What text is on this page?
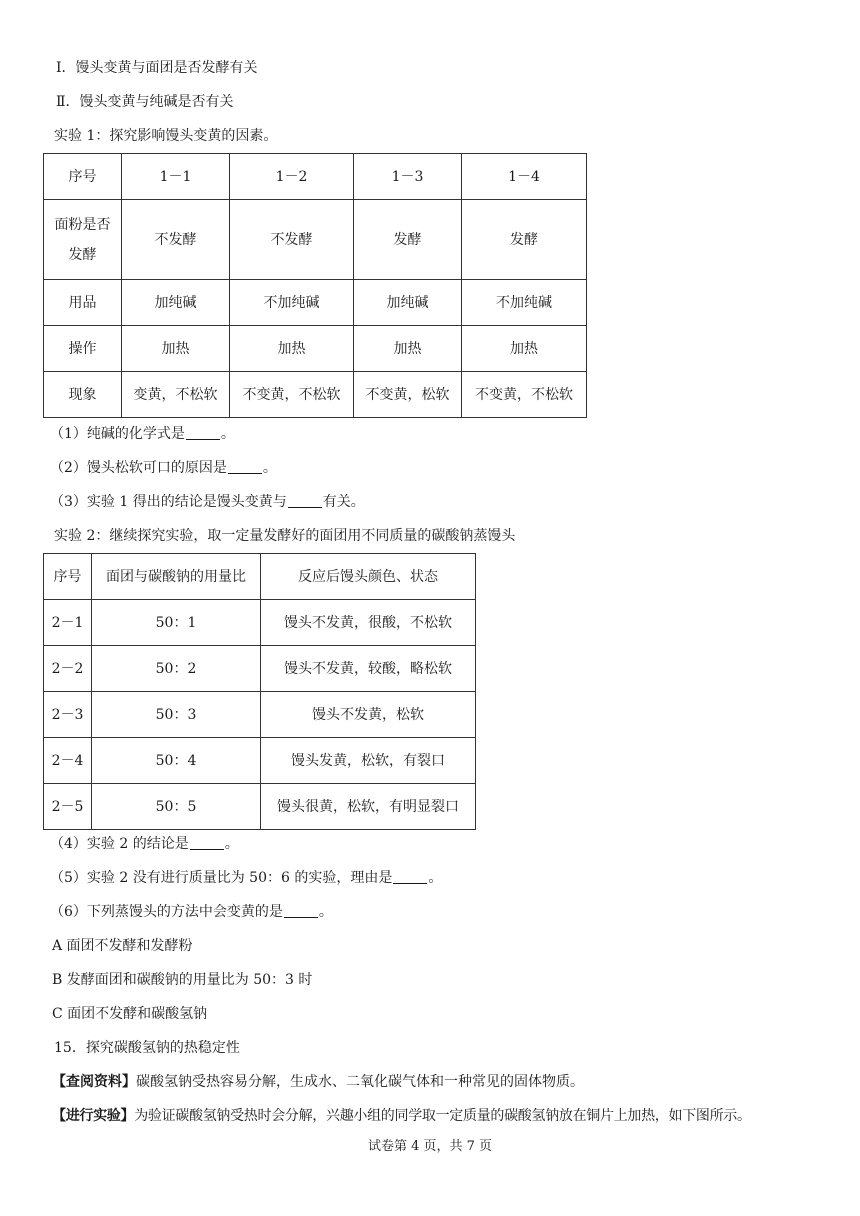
Ⅰ．馒头变黄与面团是否发酵有关
Ⅱ．馒头变黄与纯碱是否有关
实验 1：探究影响馒头变黄的因素。
序号	1－1	1－2	1－3	1－4
面粉是否
发酵	不发酵	不发酵	发酵	发酵
用品	加纯碱	不加纯碱	加纯碱	不加纯碱
操作	加热	加热	加热	加热
现象	变黄，不松软	不变黄，不松软	不变黄，松软	不变黄，不松软
（1）纯碱的化学式是	。
（2）馒头松软可口的原因是	。
（3）实验 1 得出的结论是馒头变黄与	有关。
实验 2：继续探究实验，取一定量发酵好的面团用不同质量的碳酸钠蒸馒头
序号	面团与碳酸钠的用量比	反应后馒头颜色、状态
2－1	50：1	馒头不发黄，很酸，不松软
2－2	50：2	馒头不发黄，较酸，略松软
2－3	50：3	馒头不发黄，松软
2－4	50：4	馒头发黄，松软，有裂口
2－5	50：5	馒头很黄，松软，有明显裂口
（4）实验 2 的结论是	。
（5）实验 2 没有进行质量比为 50：6 的实验，理由是	。
（6）下列蒸馒头的方法中会变黄的是	。
A 面团不发酵和发酵粉
B 发酵面团和碳酸钠的用量比为 50：3 时
C 面团不发酵和碳酸氢钠
15．探究碳酸氢钠的热稳定性
【查阅资料】碳酸氢钠受热容易分解，生成水、二氧化碳气体和一种常见的固体物质。
【进行实验】为验证碳酸氢钠受热时会分解，兴趣小组的同学取一定质量的碳酸氢钠放在铜片上加热，如下图所示。
试卷第 4 页，共 7 页
